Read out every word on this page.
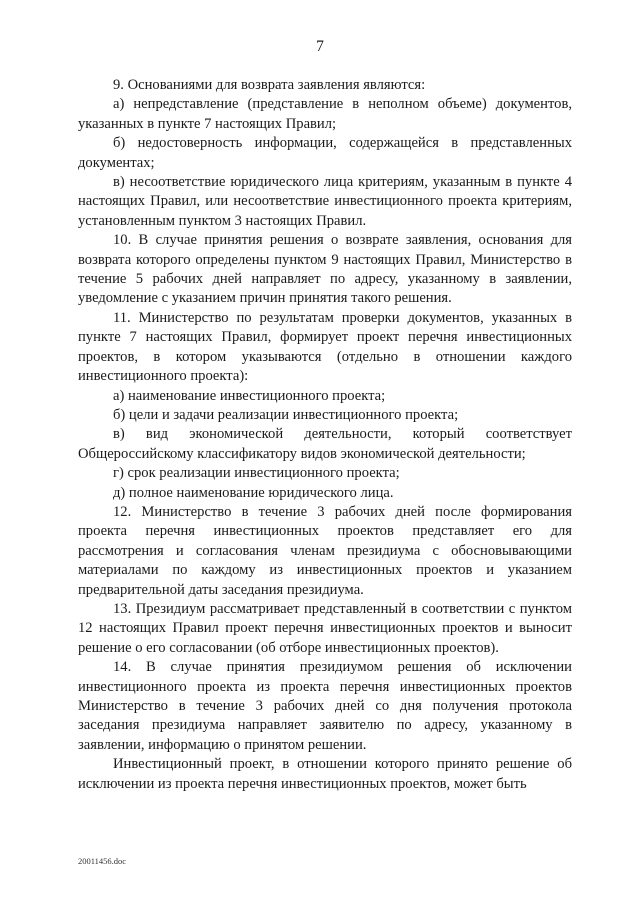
7

9. Основаниями для возврата заявления являются:

а) непредставление (представление в неполном объеме) документов, указанных в пункте 7 настоящих Правил;

б) недостоверность информации, содержащейся в представленных документах;

в) несоответствие юридического лица критериям, указанным в пункте 4 настоящих Правил, или несоответствие инвестиционного проекта критериям, установленным пунктом 3 настоящих Правил.

10. В случае принятия решения о возврате заявления, основания для возврата которого определены пунктом 9 настоящих Правил, Министерство в течение 5 рабочих дней направляет по адресу, указанному в заявлении, уведомление с указанием причин принятия такого решения.

11. Министерство по результатам проверки документов, указанных в пункте 7 настоящих Правил, формирует проект перечня инвестиционных проектов, в котором указываются (отдельно в отношении каждого инвестиционного проекта):

а) наименование инвестиционного проекта;

б) цели и задачи реализации инвестиционного проекта;

в) вид экономической деятельности, который соответствует Общероссийскому классификатору видов экономической деятельности;

г) срок реализации инвестиционного проекта;

д) полное наименование юридического лица.

12. Министерство в течение 3 рабочих дней после формирования проекта перечня инвестиционных проектов представляет его для рассмотрения и согласования членам президиума с обосновывающими материалами по каждому из инвестиционных проектов и указанием предварительной даты заседания президиума.

13. Президиум рассматривает представленный в соответствии с пунктом 12 настоящих Правил проект перечня инвестиционных проектов и выносит решение о его согласовании (об отборе инвестиционных проектов).

14. В случае принятия президиумом решения об исключении инвестиционного проекта из проекта перечня инвестиционных проектов Министерство в течение 3 рабочих дней со дня получения протокола заседания президиума направляет заявителю по адресу, указанному в заявлении, информацию о принятом решении.

Инвестиционный проект, в отношении которого принято решение об исключении из проекта перечня инвестиционных проектов, может быть

20011456.doc
